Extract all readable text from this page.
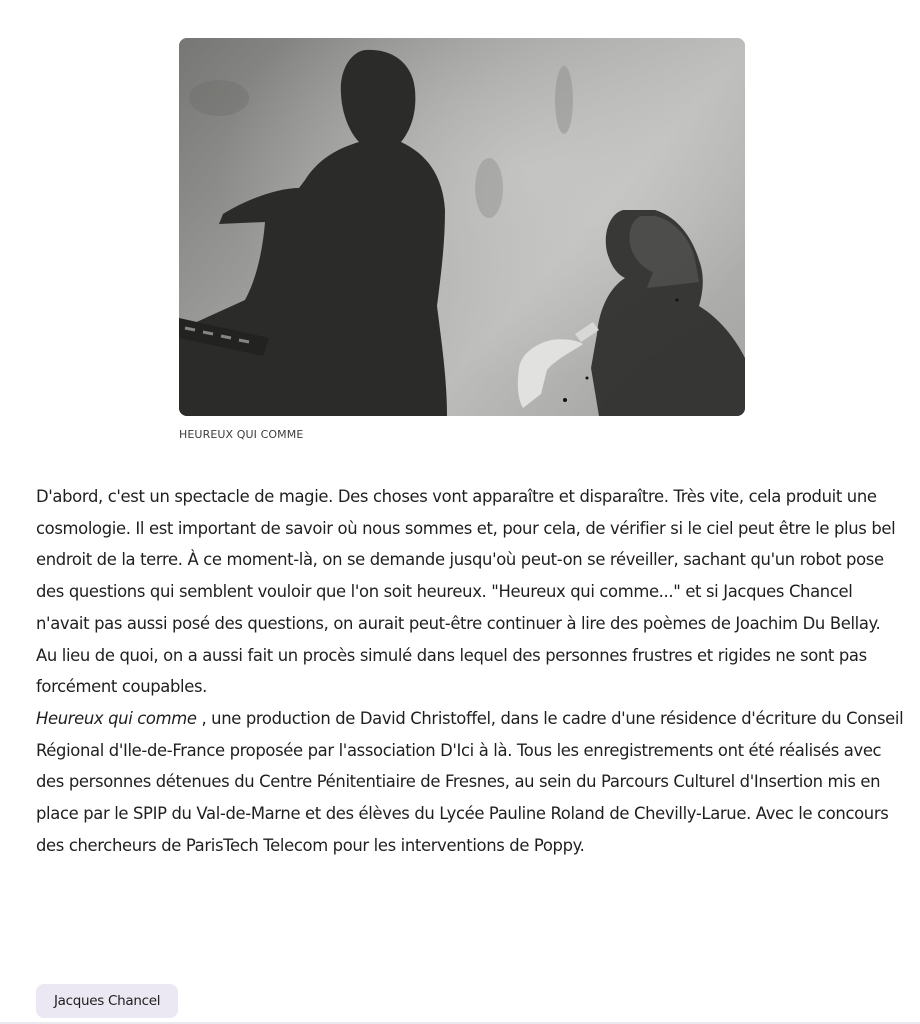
HEUREUX QUI COMME

D'abord, c'est un spectacle de magie. Des choses vont apparaître et disparaître. Très vite, cela produit une cosmologie. Il est important de savoir où nous sommes et, pour cela, de vérifier si le ciel peut être le plus bel endroit de la terre. À ce moment-là, on se demande jusqu'où peut-on se réveiller, sachant qu'un robot pose des questions qui semblent vouloir que l'on soit heureux. "Heureux qui comme..." et si Jacques Chancel n'avait pas aussi posé des questions, on aurait peut-être continuer à lire des poèmes de Joachim Du Bellay. Au lieu de quoi, on a aussi fait un procès simulé dans lequel des personnes frustres et rigides ne sont pas forcément coupables.
Heureux qui comme , une production de David Christoffel, dans le cadre d'une résidence d'écriture du Conseil Régional d'Ile-de-France proposée par l'association D'Ici à là. Tous les enregistrements ont été réalisés avec des personnes détenues du Centre Pénitentiaire de Fresnes, au sein du Parcours Culturel d'Insertion mis en place par le SPIP du Val-de-Marne et des élèves du Lycée Pauline Roland de Chevilly-Larue. Avec le concours des chercheurs de ParisTech Telecom pour les interventions de Poppy.

Jacques Chancel
